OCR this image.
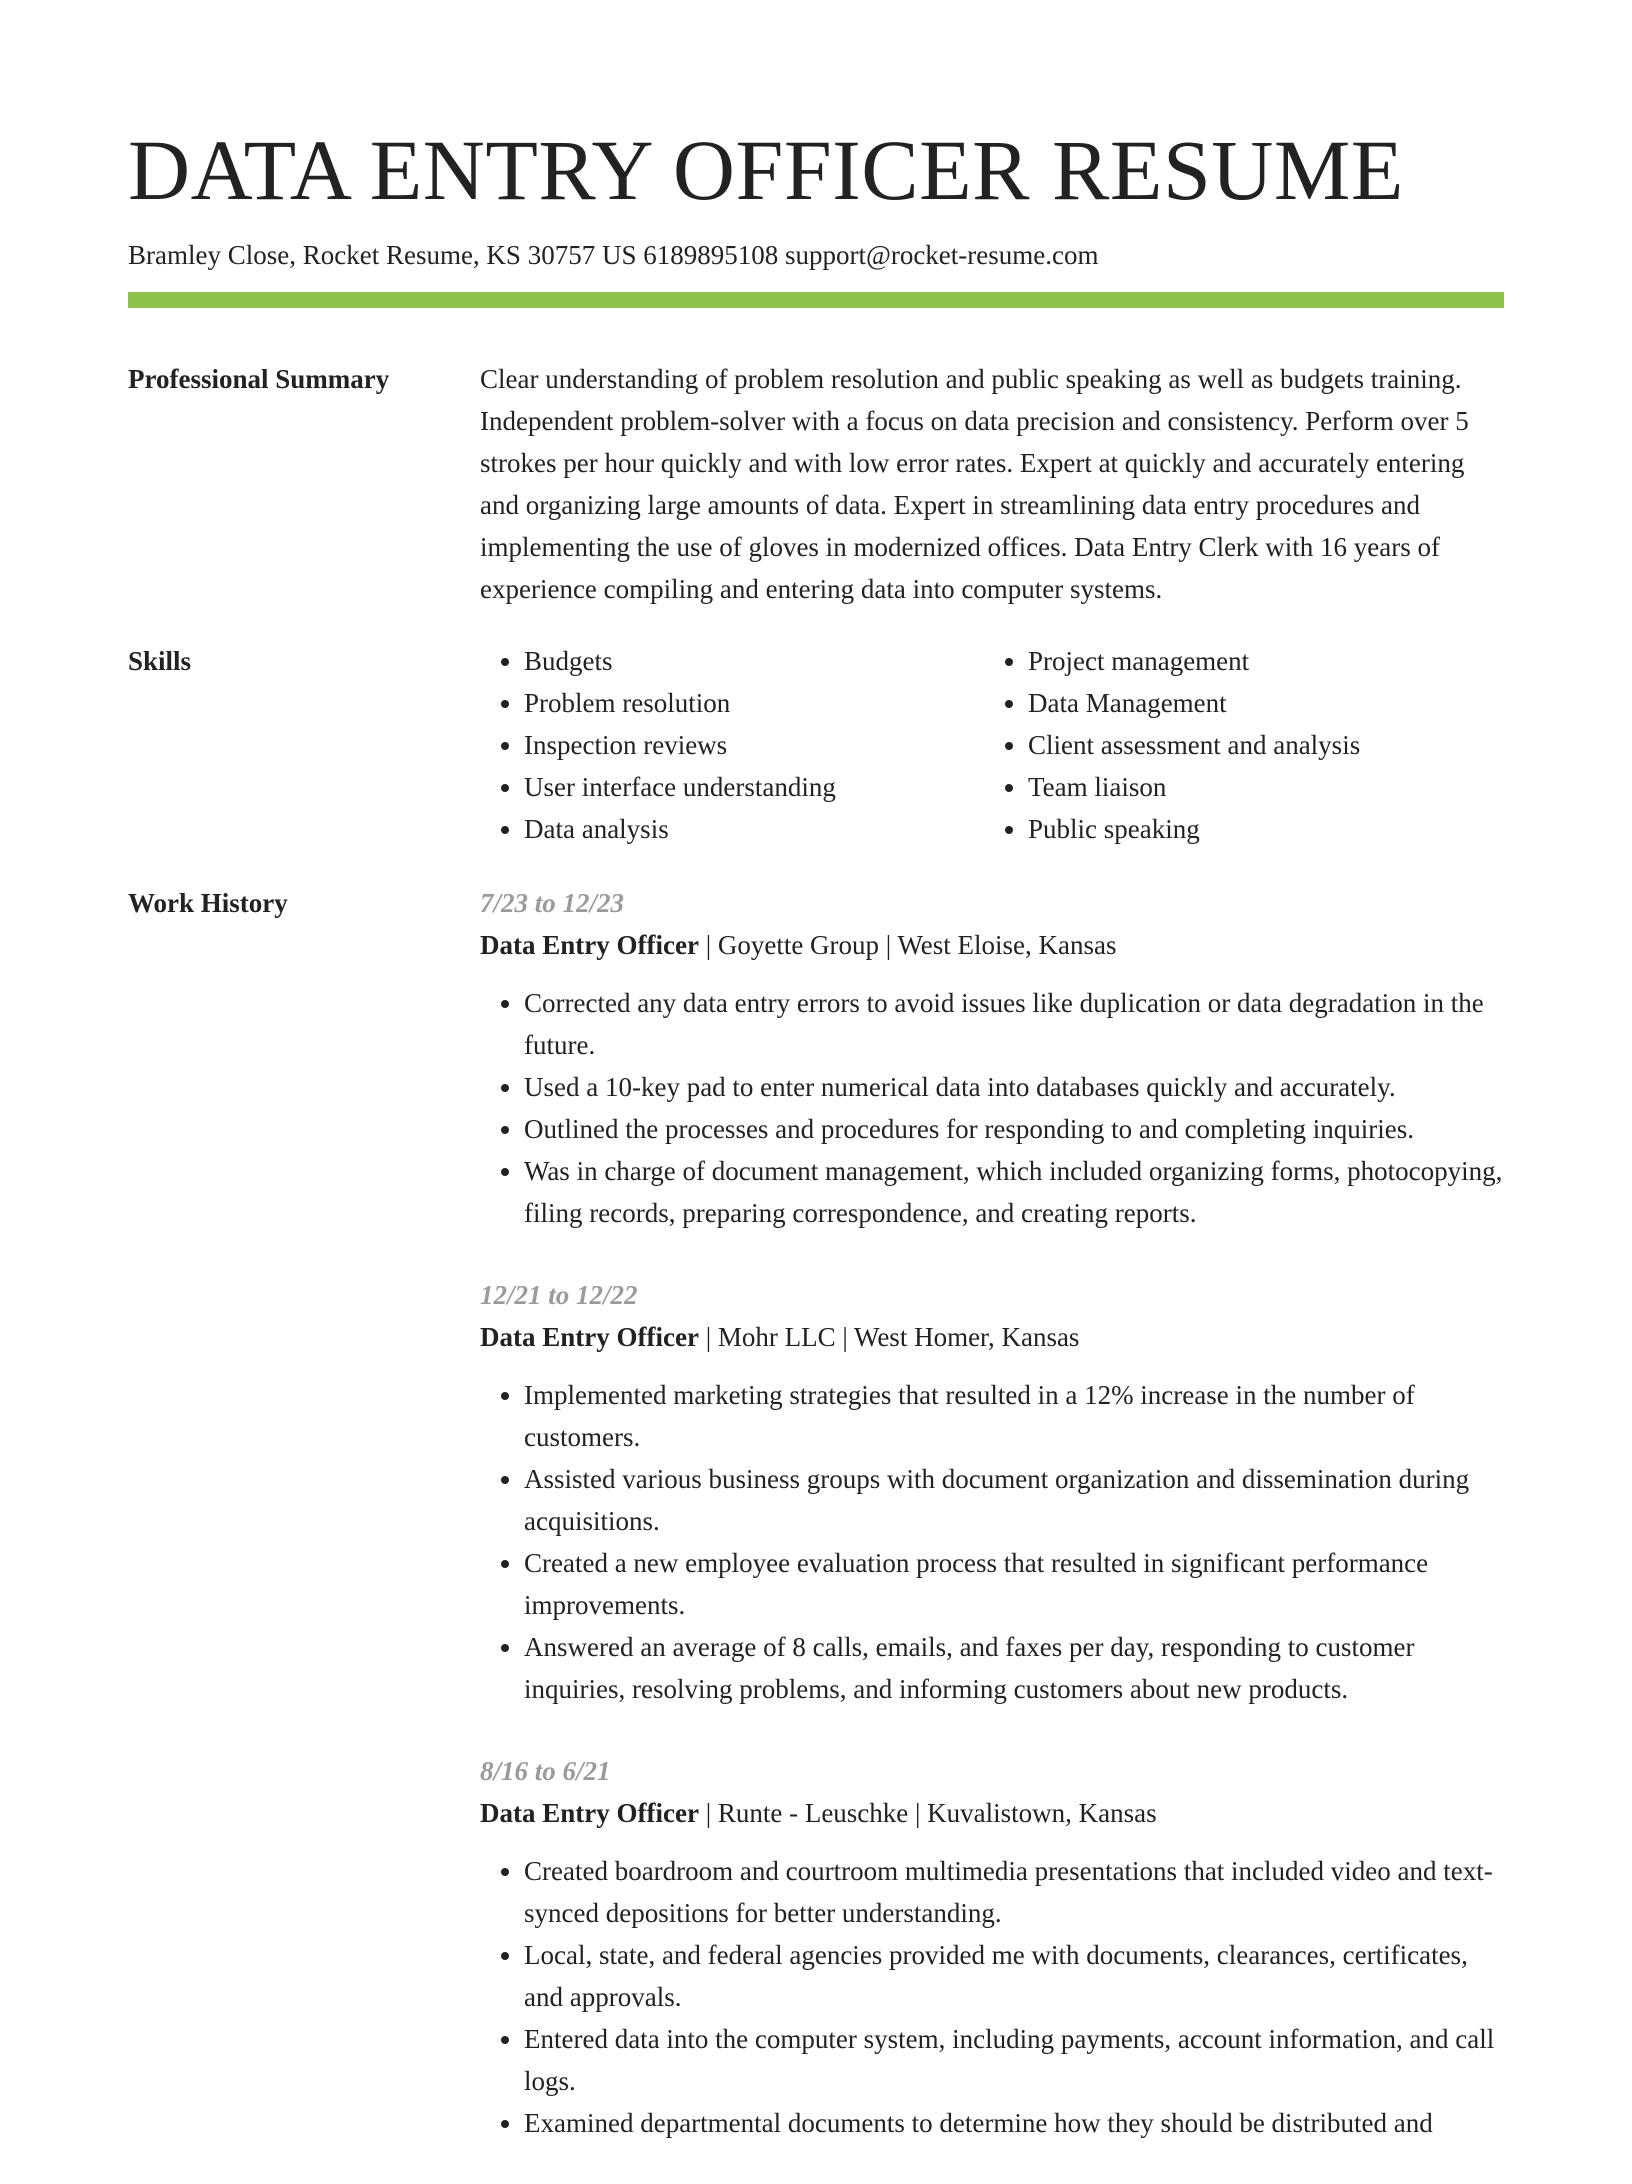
DATA ENTRY OFFICER RESUME
Bramley Close, Rocket Resume, KS 30757 US 6189895108 support@rocket-resume.com
Professional Summary	Clear understanding of problem resolution and public speaking as well as budgets training. Independent problem-solver with a focus on data precision and consistency. Perform over 5 strokes per hour quickly and with low error rates. Expert at quickly and accurately entering and organizing large amounts of data. Expert in streamlining data entry procedures and implementing the use of gloves in modernized offices. Data Entry Clerk with 16 years of experience compiling and entering data into computer systems.

Skills
•	Budgets
• Problem resolution
• Inspection reviews
• User interface understanding
• Data analysis
• Project management
• Data Management
• Client assessment and analysis
• Team liaison
• Public speaking
Work History	7/23 to 12/23
Data Entry Officer | Goyette Group | West Eloise, Kansas
• Corrected any data entry errors to avoid issues like duplication or data degradation in the future.
• Used a 10-key pad to enter numerical data into databases quickly and accurately.
• Outlined the processes and procedures for responding to and completing inquiries.
• Was in charge of document management, which included organizing forms, photocopying, filing records, preparing correspondence, and creating reports.
12/21 to 12/22
Data Entry Officer | Mohr LLC | West Homer, Kansas
• Implemented marketing strategies that resulted in a 12% increase in the number of customers.
• Assisted various business groups with document organization and dissemination during acquisitions.
• Created a new employee evaluation process that resulted in significant performance improvements.
• Answered an average of 8 calls, emails, and faxes per day, responding to customer inquiries, resolving problems, and informing customers about new products.
8/16 to 6/21
Data Entry Officer | Runte - Leuschke | Kuvalistown, Kansas
• Created boardroom and courtroom multimedia presentations that included video and text-synced depositions for better understanding.
• Local, state, and federal agencies provided me with documents, clearances, certificates, and approvals.
• Entered data into the computer system, including payments, account information, and call logs.
• Examined departmental documents to determine how they should be distributed and
